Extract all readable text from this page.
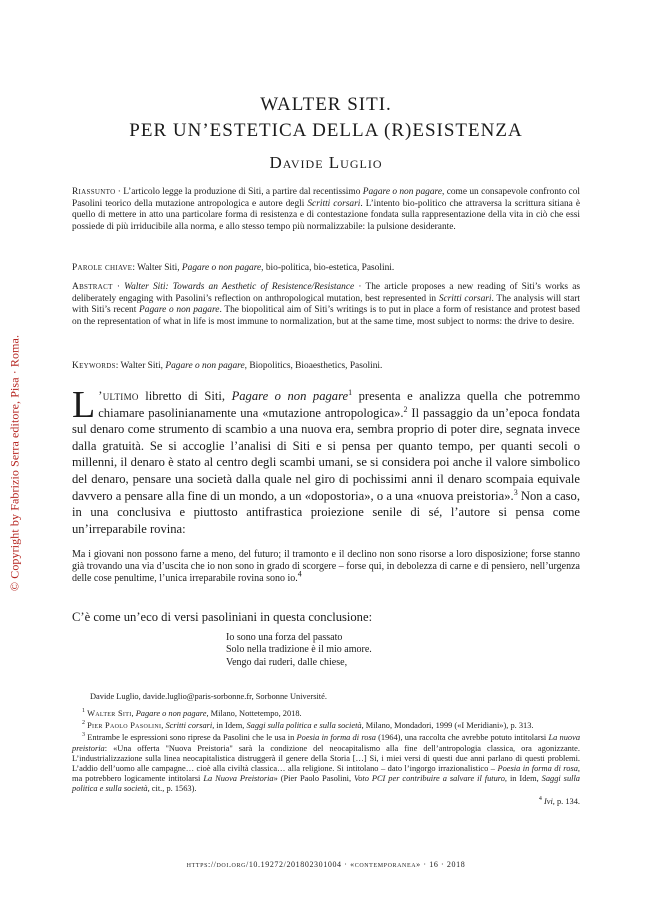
© Copyright by Fabrizio Serra editore, Pisa · Roma.
WALTER SITI.
PER UN’ESTETICA DELLA (R)ESISTENZA
Davide Luglio
Riassunto · L’articolo legge la produzione di Siti, a partire dal recentissimo Pagare o non pagare, come un consapevole confronto col Pasolini teorico della mutazione antropologica e autore degli Scritti corsari. L’intento bio-politico che attraversa la scrittura sitiana è quello di mettere in atto una particolare forma di resistenza e di contestazione fondata sulla rappresentazione della vita in ciò che essi possiede di più irriducibile alla norma, e allo stesso tempo più normalizzabile: la pulsione desiderante.
Parole chiave: Walter Siti, Pagare o non pagare, bio-politica, bio-estetica, Pasolini.
Abstract · Walter Siti: Towards an Aesthetic of Resistence/Resistance · The article proposes a new reading of Siti’s works as deliberately engaging with Pasolini’s reflection on anthropological mutation, best represented in Scritti corsari. The analysis will start with Siti’s recent Pagare o non pagare. The biopolitical aim of Siti’s writings is to put in place a form of resistance and protest based on the representation of what in life is most immune to normalization, but at the same time, most subject to norms: the drive to desire.
Keywords: Walter Siti, Pagare o non pagare, Biopolitics, Bioaesthetics, Pasolini.
L ’ultimo libretto di Siti, Pagare o non pagare$^1$ presenta e analizza quella che potremmo chiamare pasolinianamente una «mutazione antropologica».$^2$ Il passaggio da un’epoca fondata sul denaro come strumento di scambio a una nuova era, sembra proprio di poter dire, segnata invece dalla gratuità. Se si accoglie l’analisi di Siti e si pensa per quanto tempo, per quanti secoli o millenni, il denaro è stato al centro degli scambi umani, se si considera poi anche il valore simbolico del denaro, pensare una società dalla quale nel giro di pochissimi anni il denaro scompaia equivale davvero a pensare alla fine di un mondo, a un «dopostoria», o a una «nuova preistoria».$^3$ Non a caso, in una conclusiva e piuttosto antifrastica proiezione senile di sé, l’autore si pensa come un’irreparabile rovina:
Ma i giovani non possono farne a meno, del futuro; il tramonto e il declino non sono risorse a loro disposizione; forse stanno già trovando una via d’uscita che io non sono in grado di scorgere – forse qui, in debolezza di carne e di pensiero, nell’urgenza delle cose penultime, l’unica irreparabile rovina sono io.$^4$
C’è come un’eco di versi pasoliniani in questa conclusione:
Io sono una forza del passato
Solo nella tradizione è il mio amore.
Vengo dai ruderi, dalle chiese,
Davide Luglio, davide.luglio@paris-sorbonne.fr, Sorbonne Université.
$^1$ Walter Siti, Pagare o non pagare, Milano, Nottetempo, 2018.
$^2$ Pier Paolo Pasolini, Scritti corsari, in Idem, Saggi sulla politica e sulla società, Milano, Mondadori, 1999 («I Meridiani»), p. 313.
$^3$ Entrambe le espressioni sono riprese da Pasolini che le usa in Poesia in forma di rosa (1964), una raccolta che avrebbe potuto intitolarsi La nuova preistoria: «Una offerta "Nuova Preistoria" sarà la condizione del neocapitalismo alla fine dell’antropologia classica, ora agonizzante. L’industrializzazione sulla linea neocapitalistica distruggerà il genere della Storia […] Si, i miei versi di questi due anni parlano di questi problemi. L’addio dell’uomo alle campagne… cioè alla civiltà classica… alla religione. Si intitolano – dato l’ingorgo irrazionalistico – Poesia in forma di rosa, ma potrebbero logicamente intitolarsi La Nuova Preistoria» (Pier Paolo Pasolini, Voto PCI per contribuire a salvare il futuro, in Idem, Saggi sulla politica e sulla società, cit., p. 1563).
$^4$ Ivi, p. 134.
https://doi.org/10.19272/201802301004 · «contemporanea» · 16 · 2018
